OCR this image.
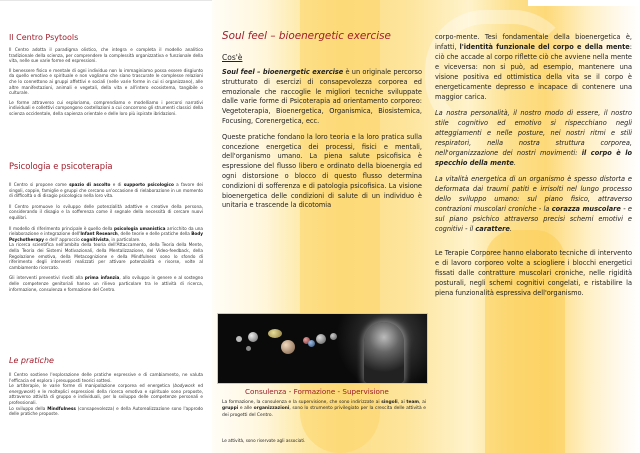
Il Centro Psytools

Il Centro adotta il paradigma olistico, che integra e completa il modello analitico tradizionale della scienza, per comprendere la complessità organizzativa e funzionale della vita, nelle sue varie forme ed espressioni.

Il benessere fisico e mentale di ogni individuo non lo immaginiamo possa essere disgiunto da quello emotivo e spirituale e non vogliamo che siano trascurate le complesse relazioni che lo connettono ai gruppi affettivi e sociali (nelle varie forme in cui si organizzano), alle altre manifestazioni, animali e vegetali, della vita e all'intero ecosistema, tangibile o culturale.

Le forme attraverso cui esploriamo, comprendiamo e modelliamo i percorsi narrativi individuali e collettivi compongono costellazioni a cui concorrono gli strumenti classici della scienza occidentale, della sapienza orientale e delle loro più ispirate ibridazioni.

Psicologia e psicoterapia

Il Centro si propone come spazio di ascolto e di supporto psicologico a favore dei singoli, coppie, famiglie e gruppi che cercano un'occasione di rielaborazione in un momento di difficoltà o di disagio psicologico nella loro vita.

Il Centro promuove lo sviluppo delle potenzialità adattive e creative della persona, considerando il disagio e la sofferenza come il segnale della necessità di cercare nuovi equilibri.

Il modello di riferimento principale è quello della psicologia umanistica arricchito da una rielaborazione e integrazione dell'Infant Research, delle teorie e delle pratiche della Body Psychotherapy e dell' approccio cognitivista, in particolare.

La ricerca scientifica nell'ambito della teoria dell'Attaccamento, della Teoria della Mente, della Teoria dei Sistemi Motivazionali, della Mentalizzazione, del Video-feedback, della Regolazione emotiva, della Metacognizione e della Mindfulness sono lo sfondo di riferimento degli interventi realizzati per attivare potenzialità e risorse, volte al cambiamento ricercato.

Gli interventi preventivi rivolti alla prima infanzia, allo sviluppo in genere e al sostegno delle competenze genitoriali hanno un rilievo particolare tra le attività di ricerca, informazione, consulenza e formazione del Centro.

Le pratiche

Il Centro sostiene l'esplorazione delle pratiche espressive e di cambiamento, ne valuta l'efficacia ed esplora i presupposti teorici sottesi.

Le artiterapie, le varie forme di manipolazione corporea ed energetica (bodywork ed energywork) e le molteplici espressioni della ricerca emotiva e spirituale sono proposte, attraverso attività di gruppo e individuali, per lo sviluppo delle competenze personali e professionali.

Lo sviluppo della Mindfulness (consapevolezza) e della Autorealizzazione sono l'approdo delle pratiche proposte.

Soul feel – bioenergetic exercise
Cos'è

Soul feel – bioenergetic exercise è un originale percorso strutturato di esercizi di consapevolezza corporea ed emozionale che raccoglie le migliori tecniche sviluppate dalle varie forme di Psicoterapia ad orientamento corporeo: Vegetoterapia, Bioenergetica, Organismica, Biosistemica, Focusing, Corenergetica, ecc.

Queste pratiche fondano la loro teoria e la loro pratica sulla concezione energetica dei processi, fisici e mentali, dell'organismo umano. La piena salute psicofisica è espressione del flusso libero e ordinato della bioenergia ed ogni distorsione o blocco di questo flusso determina condizioni di sofferenza e di patologia psicofisica. La visione bioenergetica delle condizioni di salute di un individuo è unitaria e trascende la dicotomia

Consulenza - Formazione - Supervisione
La formazione, la consulenza e la supervisione, che sono indirizzate ai singoli, ai team, ai gruppi e alle organizzazioni, sono lo strumento privilegiato per la crescita delle attività e dei progetti del Centro.
Le attività, sono riservate agli associati.

corpo-mente. Tesi fondamentale della bioenergetica è, infatti, l'identità funzionale del corpo e della mente: ciò che accade al corpo riflette ciò che avviene nella mente e viceversa: non si può, ad esempio, mantenere una visione positiva ed ottimistica della vita se il corpo è energeticamente depresso e incapace di contenere una maggior carica.

La nostra personalità, il nostro modo di essere, il nostro stile cognitivo ed emotivo si rispecchiano negli atteggiamenti e nelle posture, nei nostri ritmi e stili respiratori, nella nostra struttura corporea, nell'organizzazione dei nostri movimenti: il corpo è lo specchio della mente.

La vitalità energetica di un organismo è spesso distorta e deformata dai traumi patiti e irrisolti nel lungo processo dello sviluppo umano: sul piano fisico, attraverso contrazioni muscolari croniche - la corazza muscolare - e sul piano psichico attraverso precisi schemi emotivi e cognitivi - il carattere.

Le Terapie Corporee hanno elaborato tecniche di intervento e di lavoro corporeo volte a sciogliere i blocchi energetici fissati dalle contratture muscolari croniche, nelle rigidità posturali, negli schemi cognitivi congelati, e ristabilire la piena funzionalità espressiva dell'organismo.
